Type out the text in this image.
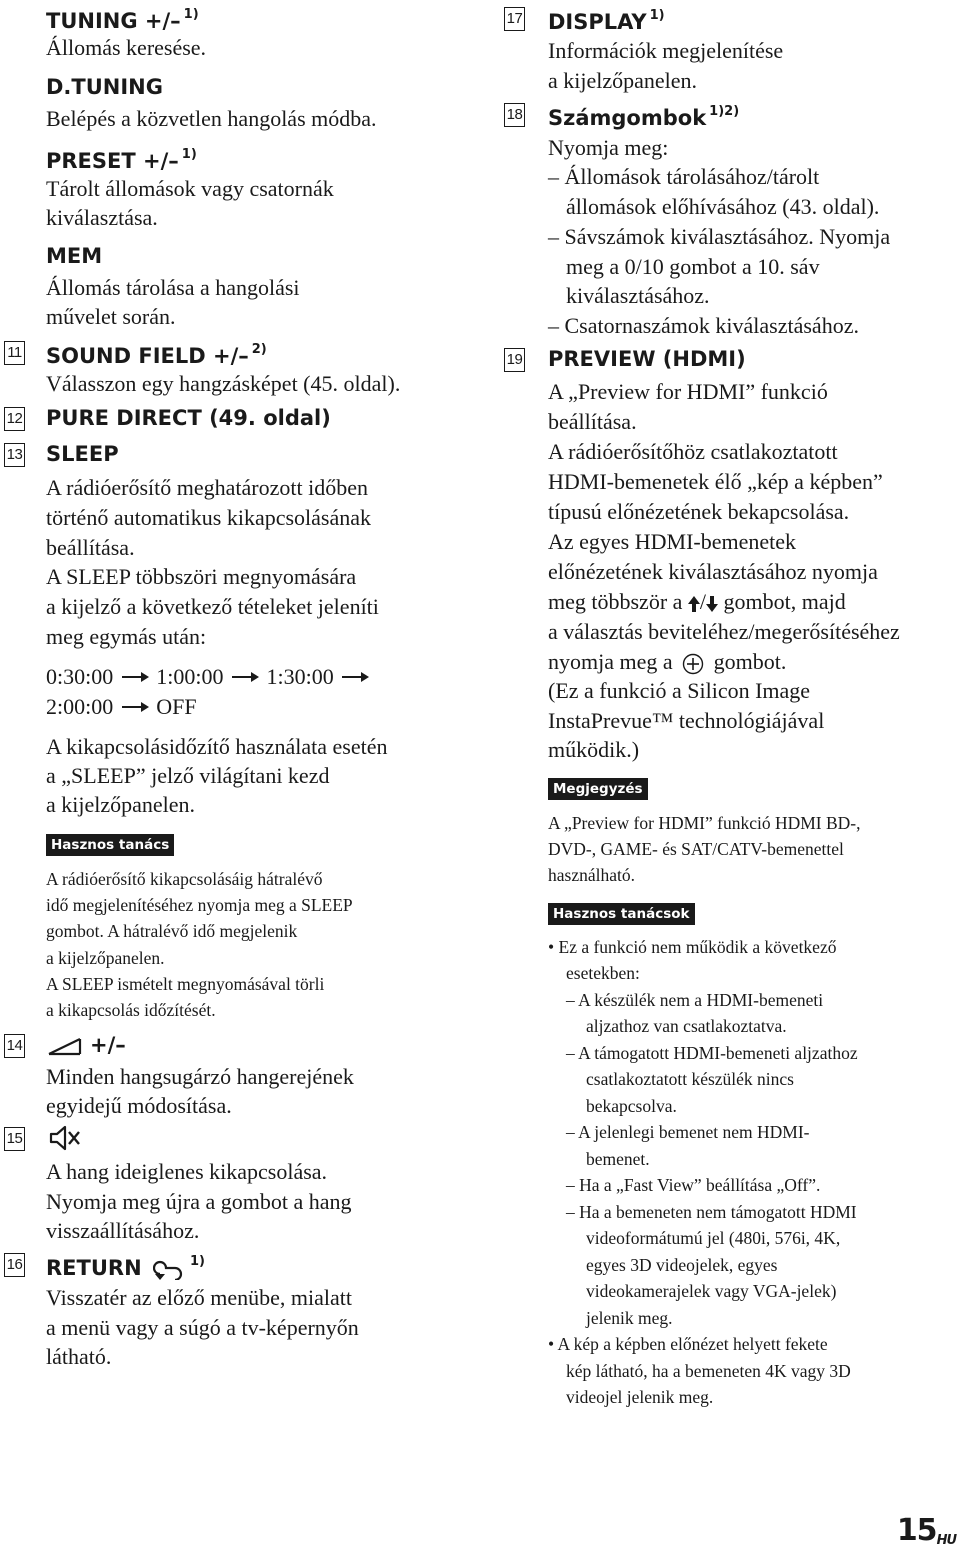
TUNING +/– $^{1)}$
Állomás keresése.
D.TUNING
Belépés a közvetlen hangolás módba.
PRESET +/– $^{1)}$
Tárolt állomások vagy csatornák
kiválasztása.
MEM
Állomás tárolása a hangolási
művelet során.
11 SOUND FIELD +/– $^{2)}$
Válasszon egy hangzásképet (45. oldal).
12 PURE DIRECT (49. oldal)
13 SLEEP
A rádióerősítő meghatározott időben
történő automatikus kikapcsolásának
beállítása.
A SLEEP többszöri megnyomására
a kijelző a következő tételeket jeleníti
meg egymás után:
0:30:00 1:00:00 1:30:00
2:00:00 OFF
A kikapcsolásidőzítő használata esetén
a „SLEEP” jelző világítani kezd
a kijelzőpanelen.
Hasznos tanács
A rádióerősítő kikapcsolásáig hátralévő
idő megjelenítéséhez nyomja meg a SLEEP
gombot. A hátralévő idő megjelenik
a kijelzőpanelen.
A SLEEP ismételt megnyomásával törli
a kikapcsolás időzítését.
14	+/–
Minden hangsugárzó hangerejének
egyidejű módosítása.
15
A hang ideiglenes kikapcsolása.
Nyomja meg újra a gombot a hang
visszaállításához.
16 RETURN	$^{1)}$
Visszatér az előző menübe, mialatt
a menü vagy a súgó a tv-képernyőn
látható.
17 DISPLAY $^{1)}$
Információk megjelenítése
a kijelzőpanelen.
18 Számgombok $^{1)2)}$
Nyomja meg:
– Állomások tárolásához/tárolt
állomások előhívásához (43. oldal).
– Sávszámok kiválasztásához. Nyomja
meg a 0/10 gombot a 10. sáv
kiválasztásához.
– Csatornaszámok kiválasztásához.
19 PREVIEW (HDMI)
A „Preview for HDMI” funkció
beállítása.
A rádióerősítőhöz csatlakoztatott
HDMI-bemenetek élő „kép a képben”
típusú előnézetének bekapcsolása.
Az egyes HDMI-bemenetek
előnézetének kiválasztásához nyomja
meg többször a / gombot, majd
a választás beviteléhez/megerősítéséhez
nyomja meg a  gombot.
(Ez a funkció a Silicon Image
InstaPrevue™ technológiájával
működik.)
Megjegyzés
A „Preview for HDMI” funkció HDMI BD-,
DVD-, GAME- és SAT/CATV-bemenettel
használható.
Hasznos tanácsok
• Ez a funkció nem működik a következő
esetekben:
– A készülék nem a HDMI-bemeneti
aljzathoz van csatlakoztatva.
– A támogatott HDMI-bemeneti aljzathoz
csatlakoztatott készülék nincs
bekapcsolva.
– A jelenlegi bemenet nem HDMI-
bemenet.
– Ha a „Fast View” beállítása „Off”.
– Ha a bemeneten nem támogatott HDMI
videoformátumú jel (480i, 576i, 4K,
egyes 3D videojelek, egyes
videokamerajelek vagy VGA-jelek)
jelenik meg.
• A kép a képben előnézet helyett fekete
kép látható, ha a bemeneten 4K vagy 3D
videojel jelenik meg.
$15_{HU}$
